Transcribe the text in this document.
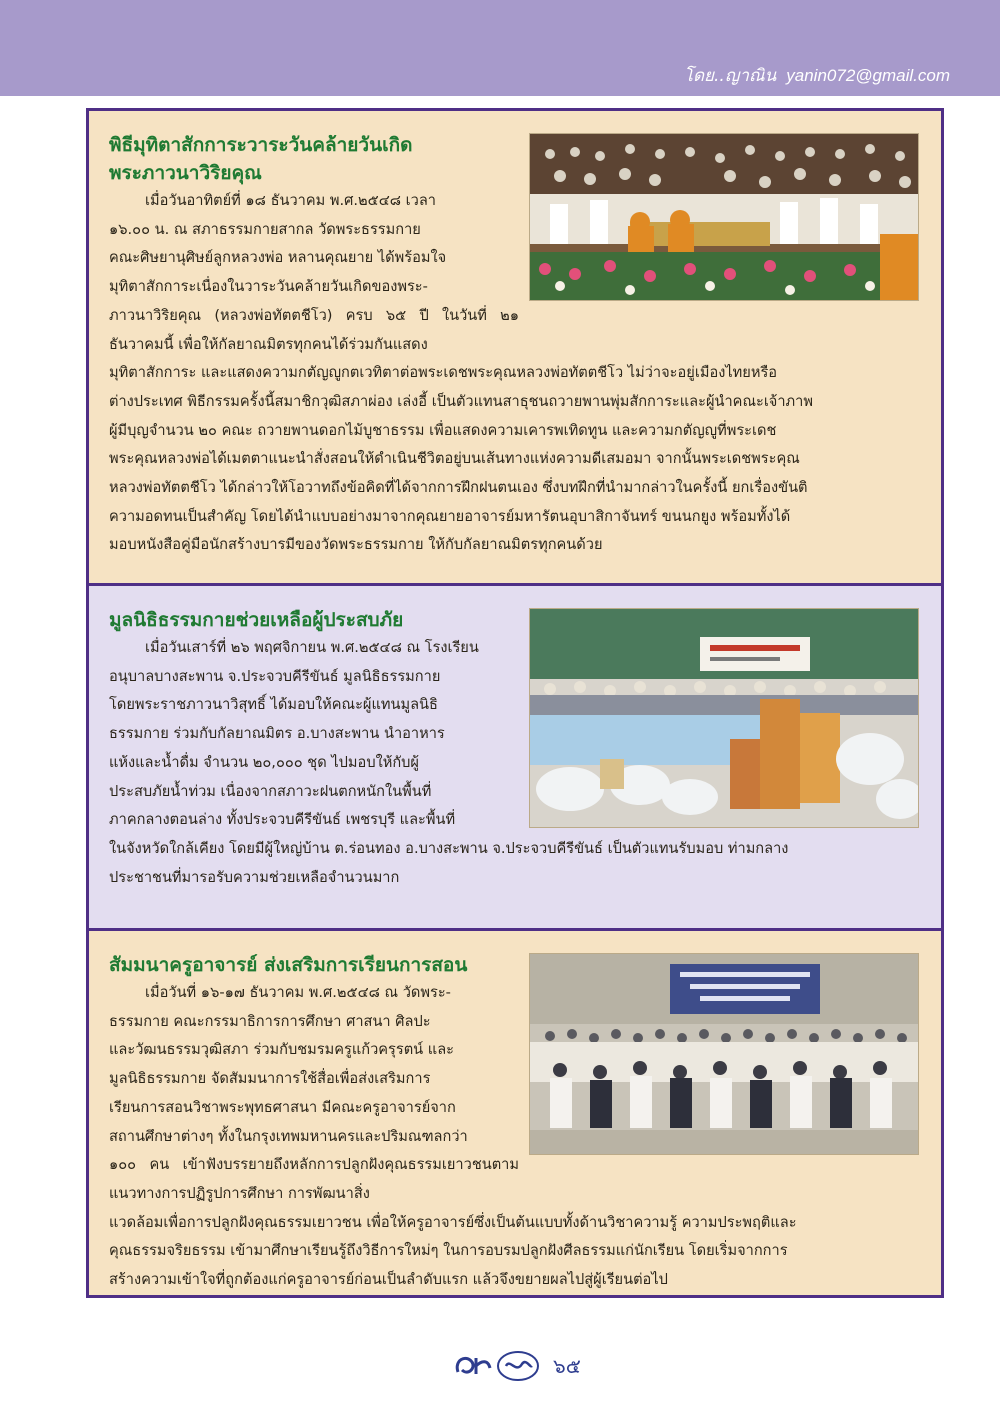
โดย..ญาณิน yanin072@gmail.com

พิธีมุทิตาสักการะวาระวันคล้ายวันเกิด
พระภาวนาวิริยคุณ

เมื่อวันอาทิตย์ที่ ๑๘ ธันวาคม พ.ศ.๒๕๔๘ เวลา

๑๖.๐๐ น. ณ สภาธรรมกายสากล วัดพระธรรมกาย

คณะศิษยานุศิษย์ลูกหลวงพ่อ หลานคุณยาย ได้พร้อมใจ

มุทิตาสักการะเนื่องในวาระวันคล้ายวันเกิดของพระ-

ภาวนาวิริยคุณ (หลวงพ่อทัตตชีโว) ครบ ๖๕ ปี ในวันที่ ๒๑ ธันวาคมนี้ เพื่อให้กัลยาณมิตรทุกคนได้ร่วมกันแสดง

มุทิตาสักการะ และแสดงความกตัญญูกตเวทิตาต่อพระเดชพระคุณหลวงพ่อทัตตชีโว ไม่ว่าจะอยู่เมืองไทยหรือ

ต่างประเทศ พิธีกรรมครั้งนี้สมาชิกวุฒิสภาผ่อง เล่งอี้ เป็นตัวแทนสาธุชนถวายพานพุ่มสักการะและผู้นำคณะเจ้าภาพ

ผู้มีบุญจำนวน ๒๐ คณะ ถวายพานดอกไม้บูชาธรรม เพื่อแสดงความเคารพเทิดทูน และความกตัญญูที่พระเดช

พระคุณหลวงพ่อได้เมตตาแนะนำสั่งสอนให้ดำเนินชีวิตอยู่บนเส้นทางแห่งความดีเสมอมา จากนั้นพระเดชพระคุณ

หลวงพ่อทัตตชีโว ได้กล่าวให้โอวาทถึงข้อคิดที่ได้จากการฝึกฝนตนเอง ซึ่งบทฝึกที่นำมากล่าวในครั้งนี้ ยกเรื่องขันติ

ความอดทนเป็นสำคัญ โดยได้นำแบบอย่างมาจากคุณยายอาจารย์มหารัตนอุบาสิกาจันทร์ ขนนกยูง พร้อมทั้งได้

มอบหนังสือคู่มือนักสร้างบารมีของวัดพระธรรมกาย ให้กับกัลยาณมิตรทุกคนด้วย

มูลนิธิธรรมกายช่วยเหลือผู้ประสบภัย

เมื่อวันเสาร์ที่ ๒๖ พฤศจิกายน พ.ศ.๒๕๔๘ ณ โรงเรียน

อนุบาลบางสะพาน จ.ประจวบคีรีขันธ์ มูลนิธิธรรมกาย

โดยพระราชภาวนาวิสุทธิ์ ได้มอบให้คณะผู้แทนมูลนิธิ

ธรรมกาย ร่วมกับกัลยาณมิตร อ.บางสะพาน นำอาหาร

แห้งและน้ำดื่ม จำนวน ๒๐,๐๐๐ ชุด ไปมอบให้กับผู้

ประสบภัยน้ำท่วม เนื่องจากสภาวะฝนตกหนักในพื้นที่

ภาคกลางตอนล่าง ทั้งประจวบคีรีขันธ์ เพชรบุรี และพื้นที่

ในจังหวัดใกล้เคียง โดยมีผู้ใหญ่บ้าน ต.ร่อนทอง อ.บางสะพาน จ.ประจวบคีรีขันธ์ เป็นตัวแทนรับมอบ ท่ามกลาง

ประชาชนที่มารอรับความช่วยเหลือจำนวนมาก

สัมมนาครูอาจารย์ ส่งเสริมการเรียนการสอน

เมื่อวันที่ ๑๖-๑๗ ธันวาคม พ.ศ.๒๕๔๘ ณ วัดพระ-

ธรรมกาย คณะกรรมาธิการการศึกษา ศาสนา ศิลปะ

และวัฒนธรรมวุฒิสภา ร่วมกับชมรมครูแก้วครุรตน์ และ

มูลนิธิธรรมกาย จัดสัมมนาการใช้สื่อเพื่อส่งเสริมการ

เรียนการสอนวิชาพระพุทธศาสนา มีคณะครูอาจารย์จาก

สถานศึกษาต่างๆ ทั้งในกรุงเทพมหานครและปริมณฑลกว่า

๑๐๐ คน เข้าฟังบรรยายถึงหลักการปลูกฝังคุณธรรมเยาวชนตามแนวทางการปฏิรูปการศึกษา การพัฒนาสิ่ง

แวดล้อมเพื่อการปลูกฝังคุณธรรมเยาวชน เพื่อให้ครูอาจารย์ซึ่งเป็นต้นแบบทั้งด้านวิชาความรู้ ความประพฤติและ

คุณธรรมจริยธรรม เข้ามาศึกษาเรียนรู้ถึงวิธีการใหม่ๆ ในการอบรมปลูกฝังศีลธรรมแก่นักเรียน โดยเริ่มจากการ

สร้างความเข้าใจที่ถูกต้องแก่ครูอาจารย์ก่อนเป็นลำดับแรก แล้วจึงขยายผลไปสู่ผู้เรียนต่อไป

๖๕
